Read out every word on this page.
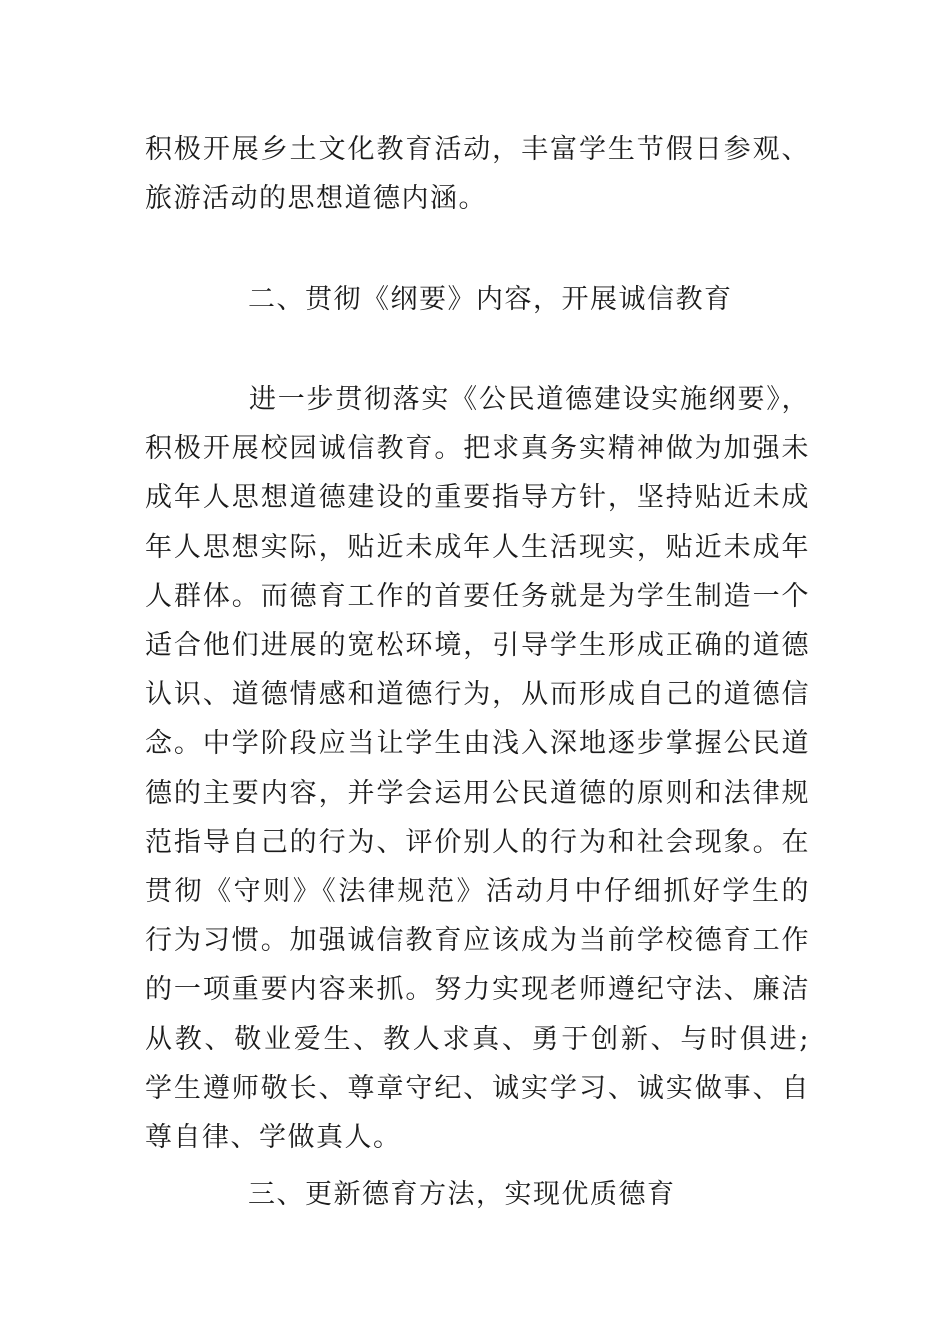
积极开展乡土文化教育活动，丰富学生节假日参观、旅游活动的思想道德内涵。

二、贯彻《纲要》内容，开展诚信教育

进一步贯彻落实《公民道德建设实施纲要》，积极开展校园诚信教育。把求真务实精神做为加强未成年人思想道德建设的重要指导方针，坚持贴近未成年人思想实际，贴近未成年人生活现实，贴近未成年人群体。而德育工作的首要任务就是为学生制造一个适合他们进展的宽松环境，引导学生形成正确的道德认识、道德情感和道德行为，从而形成自己的道德信念。中学阶段应当让学生由浅入深地逐步掌握公民道德的主要内容，并学会运用公民道德的原则和法律规范指导自己的行为、评价别人的行为和社会现象。在贯彻《守则》《法律规范》活动月中仔细抓好学生的行为习惯。加强诚信教育应该成为当前学校德育工作的一项重要内容来抓。努力实现老师遵纪守法、廉洁从教、敬业爱生、教人求真、勇于创新、与时俱进;学生遵师敬长、尊章守纪、诚实学习、诚实做事、自尊自律、学做真人。

三、更新德育方法，实现优质德育
